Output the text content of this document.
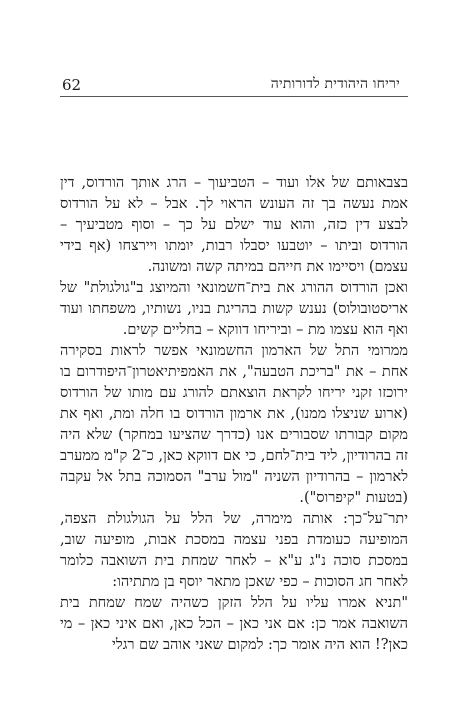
יריחו היהודית לדורותיה
62

בצבאותם של אלו ועוד – הטביעוך – הרג אותך הורדוס, דין אמת נעשה בך זה העונש הראוי לך. אבל – לא על הורדוס לבצע דין כזה, והוא עוד ישלם על כך – וסוף מטביעיך – הורדוס וביתו – יוטבעו יסבלו רבות, יומתו ויירצחו (אף בידי עצמם) ויסיימו את חייהם במיתה קשה ומשונה.

ואכן הורדוס ההורג את בית־חשמונאי והמיוצג ב"גולגולת" של אריסטובולוס) נענש קשות בהריגת בניו, נשותיו, משפחתו ועוד ואף הוא עצמו מת – וביריחו דווקא – בחליים קשים.

ממרומי התל של הארמון החשמונאי אפשר לראות בסקירה אחת – את "בריכת הטבעה", את האמפיתיאטרון־היפודרום בו ירוכזו זקני יריחו לקראת הוצאתם להורג עם מותו של הורדוס (ארוע שניצלו ממנו), את ארמון הורדוס בו חלה ומת, ואף את מקום קבורתו שסבורים אנו (כדרך שהציעו במחקר) שלא היה זה בהרודיון, ליד בית־לחם, כי אם דווקא כאן, כ־2 ק"מ ממערב לארמון – בהרודיון השניה "מול ערב" הסמוכה בתל אל עקבה (בטעות "קיפרוס").

יתר־על־כך: אותה מימרה, של הלל על הגולגולת הצפה, המופיעה כעומדת בפני עצמה במסכת אבות, מופיעה שוב, במסכת סוכה נ"ג ע"א – לאחר שמחת בית השואבה כלומר לאחר חג הסוכות – כפי שאכן מתאר יוסף בן מתתיהו:

"תניא אמרו עליו על הלל הזקן כשהיה שמח שמחת בית השואבה אמר כן: אם אני כאן – הכל כאן, ואם איני כאן – מי כאן?! הוא היה אומר כך: למקום שאני אוהב שם רגלי
